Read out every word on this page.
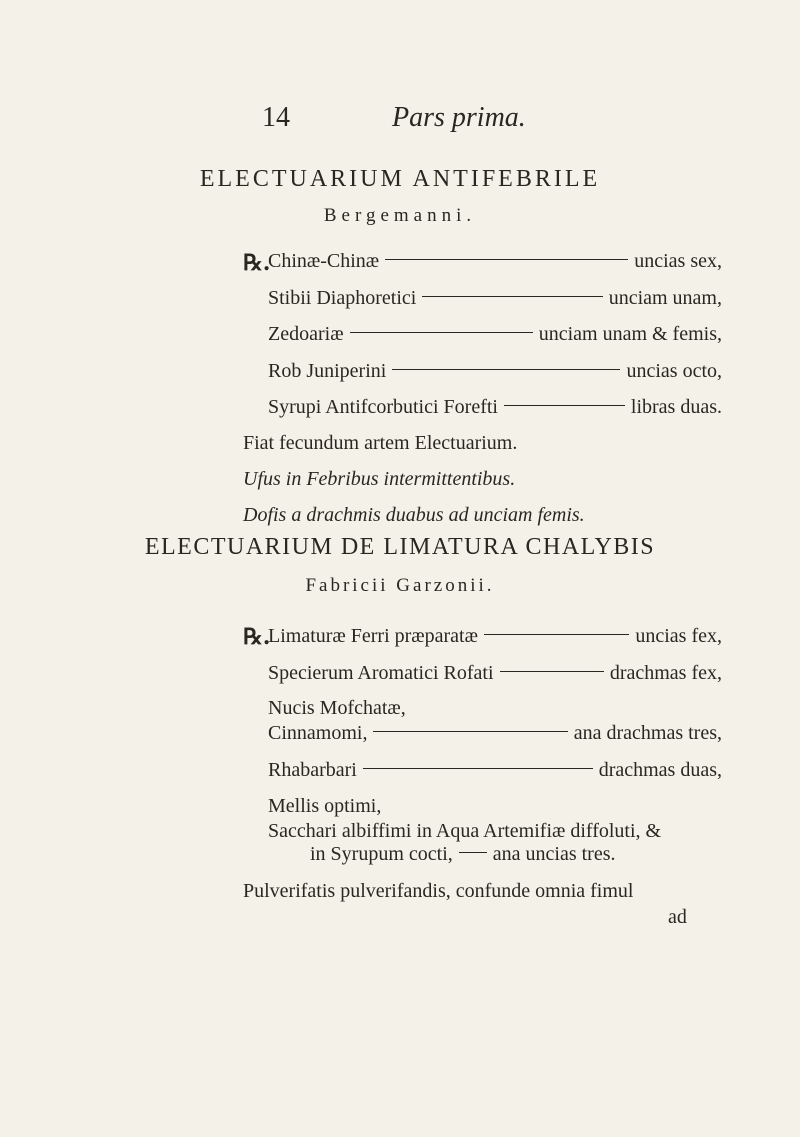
14	Pars prima.
ELECTUARIUM ANTIFEBRILE
Bergemanni.
℞.
Chinæ-Chinæ	uncias sex,
Stibii Diaphoretici	unciam unam,
Zedoariæ	unciam unam & femis,
Rob Juniperini	uncias octo,
Syrupi Antifcorbutici Forefti	libras duas.
Fiat fecundum artem Electuarium.
Ufus in Febribus intermittentibus.
Dofis a drachmis duabus ad unciam femis.
ELECTUARIUM DE LIMATURA CHALYBIS
Fabricii Garzonii.
℞.
Limaturæ Ferri præparatæ	uncias fex,
Specierum Aromatici Rofati	drachmas fex,
Nucis Mofchatæ,
Cinnamomi,	ana drachmas tres,
Rhabarbari	drachmas duas,
Mellis optimi,
Sacchari albiffimi in Aqua Artemifiæ diffoluti, &
in Syrupum cocti, ana uncias tres.
Pulverifatis pulverifandis, confunde omnia fimul
ad
